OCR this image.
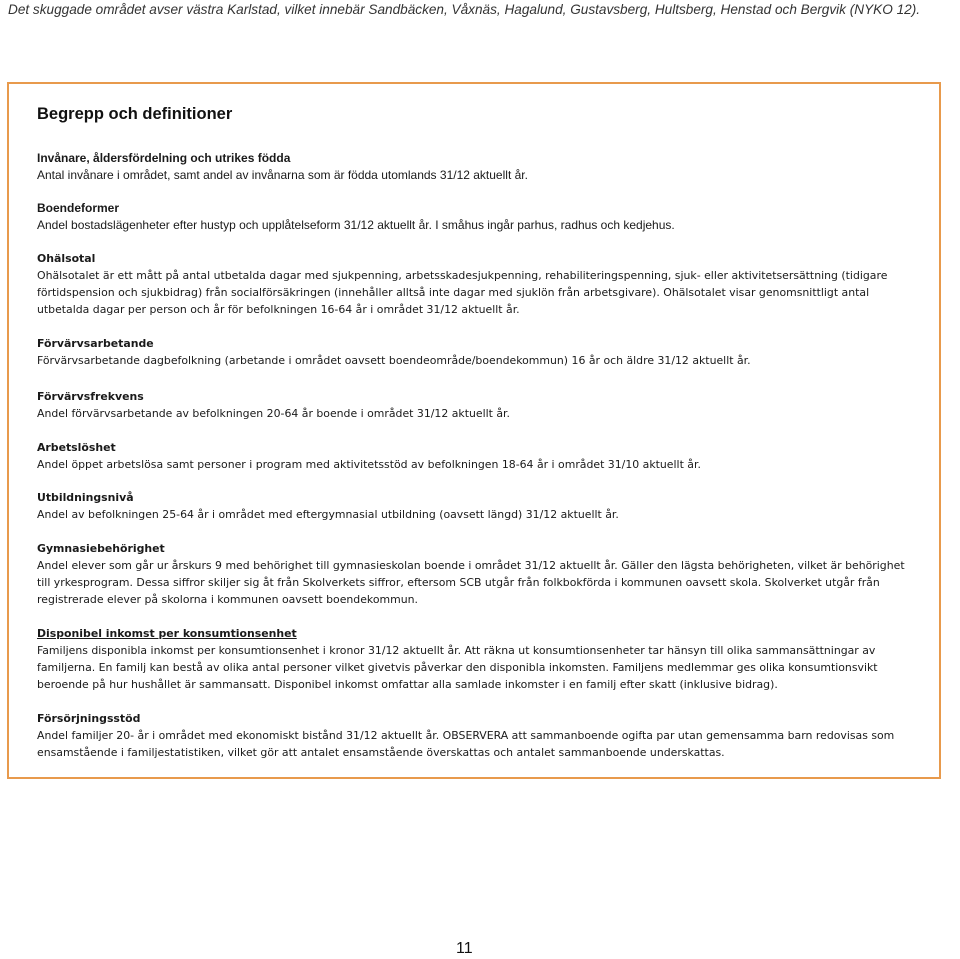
Det skuggade området avser västra Karlstad, vilket innebär Sandbäcken, Våxnäs, Hagalund, Gustavsberg, Hultsberg, Henstad och Bergvik (NYKO 12).
Begrepp och definitioner
Invånare, åldersfördelning och utrikes födda
Antal invånare i området, samt andel av invånarna som är födda utomlands 31/12 aktuellt år.
Boendeformer
Andel bostadslägenheter efter hustyp och upplåtelseform 31/12 aktuellt år. I småhus ingår parhus, radhus och kedjehus.
Ohälsotal
Ohälsotalet är ett mått på antal utbetalda dagar med sjukpenning, arbetsskadesjukpenning, rehabiliteringspenning, sjuk- eller aktivitetsersättning (tidigare förtidspension och sjukbidrag) från socialförsäkringen (innehåller alltså inte dagar med sjuklön från arbetsgivare). Ohälsotalet visar genomsnittligt antal utbetalda dagar per person och år för befolkningen 16-64 år i området 31/12 aktuellt år.
Förvärvsarbetande
Förvärvsarbetande dagbefolkning (arbetande i området oavsett boendeområde/boendekommun) 16 år och äldre 31/12 aktuellt år.
Förvärvsfrekvens
Andel förvärvsarbetande av befolkningen 20-64 år boende i området 31/12 aktuellt år.
Arbetslöshet
Andel öppet arbetslösa samt personer i program med aktivitetsstöd av befolkningen 18-64 år i området 31/10 aktuellt år.
Utbildningsnivå
Andel av befolkningen 25-64 år i området med eftergymnasial utbildning (oavsett längd) 31/12 aktuellt år.
Gymnasiebehörighet
Andel elever som går ur årskurs 9 med behörighet till gymnasieskolan boende i området 31/12 aktuellt år. Gäller den lägsta behörigheten, vilket är behörighet till yrkesprogram. Dessa siffror skiljer sig åt från Skolverkets siffror, eftersom SCB utgår från folkbokförda i kommunen oavsett skola. Skolverket utgår från registrerade elever på skolorna i kommunen oavsett boendekommun.
Disponibel inkomst per konsumtionsenhet
Familjens disponibla inkomst per konsumtionsenhet i kronor 31/12 aktuellt år. Att räkna ut konsumtionsenheter tar hänsyn till olika sammansättningar av familjerna. En familj kan bestå av olika antal personer vilket givetvis påverkar den disponibla inkomsten. Familjens medlemmar ges olika konsumtionsvikt beroende på hur hushållet är sammansatt. Disponibel inkomst omfattar alla samlade inkomster i en familj efter skatt (inklusive bidrag).
Försörjningsstöd
Andel familjer 20- år i området med ekonomiskt bistånd 31/12 aktuellt år. OBSERVERA att sammanboende ogifta par utan gemensamma barn redovisas som ensamstående i familjestatistiken, vilket gör att antalet ensamstående överskattas och antalet sammanboende underskattas.
11
